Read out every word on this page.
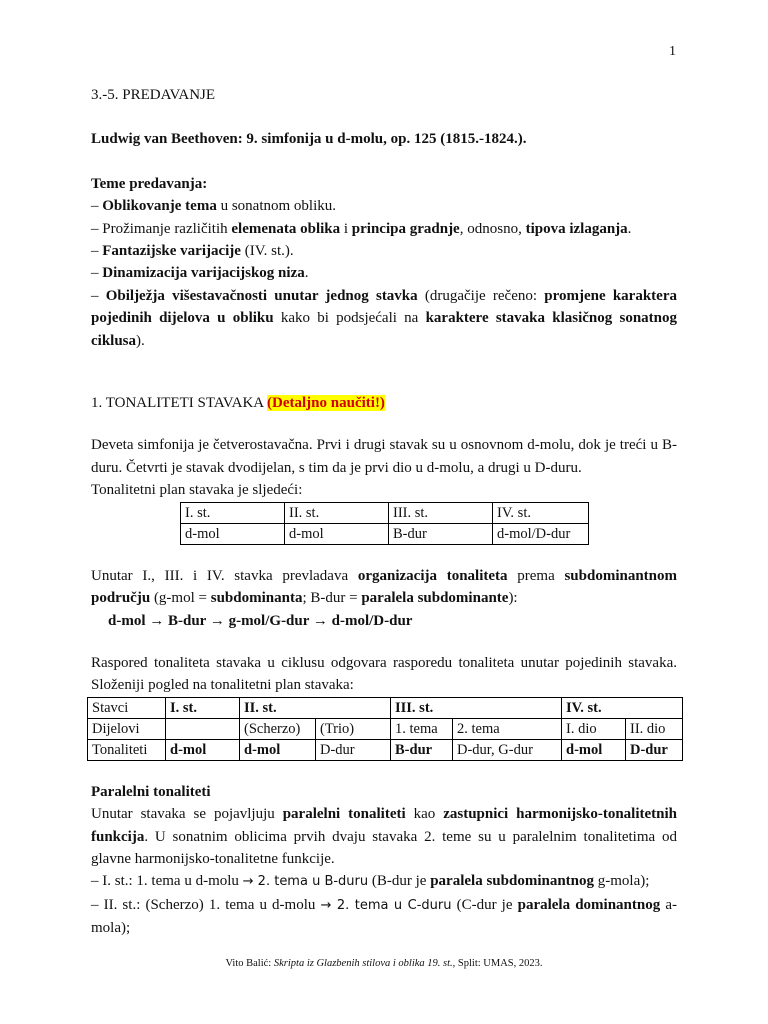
1

3.-5. PREDAVANJE

Ludwig van Beethoven: 9. simfonija u d-molu, op. 125 (1815.-1824.).

Teme predavanja:

– Oblikovanje tema u sonatnom obliku.

– Prožimanje različitih elemenata oblika i principa gradnje, odnosno, tipova izlaganja.

– Fantazijske varijacije (IV. st.).

– Dinamizacija varijacijskog niza.

– Obilježja višestavačnosti unutar jednog stavka (drugačije rečeno: promjene karaktera pojedinih dijelova u obliku kako bi podsjećali na karaktere stavaka klasičnog sonatnog ciklusa).

1. TONALITETI STAVAKA (Detaljno naučiti!)

Deveta simfonija je četverostavačna. Prvi i drugi stavak su u osnovnom d-molu, dok je treći u B-duru. Četvrti je stavak dvodijelan, s tim da je prvi dio u d-molu, a drugi u D-duru.

Tonalitetni plan stavaka je sljedeći:

I. st.	II. st.	III. st.	IV. st.
d-mol	d-mol	B-dur	d-mol/D-dur

Unutar I., III. i IV. stavka prevladava organizacija tonaliteta prema subdominantnom području (g-mol = subdominanta; B-dur = paralela subdominante):

d-mol → B-dur → g-mol/G-dur → d-mol/D-dur

Raspored tonaliteta stavaka u ciklusu odgovara rasporedu tonaliteta unutar pojedinih stavaka. Složeniji pogled na tonalitetni plan stavaka:

Stavci	I. st.	II. st.		III. st.		IV. st.	
Dijelovi		(Scherzo)	(Trio)	1. tema	2. tema	I. dio	II. dio
Tonaliteti	d-mol	d-mol	D-dur	B-dur	D-dur, G-dur	d-mol	D-dur

Paralelni tonaliteti

Unutar stavaka se pojavljuju paralelni tonaliteti kao zastupnici harmonijsko-tonalitetnih funkcija. U sonatnim oblicima prvih dvaju stavaka 2. teme su u paralelnim tonalitetima od glavne harmonijsko-tonalitetne funkcije.

– I. st.: 1. tema u d-molu → 2. tema u B-duru (B-dur je paralela subdominantnog g-mola);

– II. st.: (Scherzo) 1. tema u d-molu → 2. tema u C-duru (C-dur je paralela dominantnog a-mola);

Vito Balić: Skripta iz Glazbenih stilova i oblika 19. st., Split: UMAS, 2023.
